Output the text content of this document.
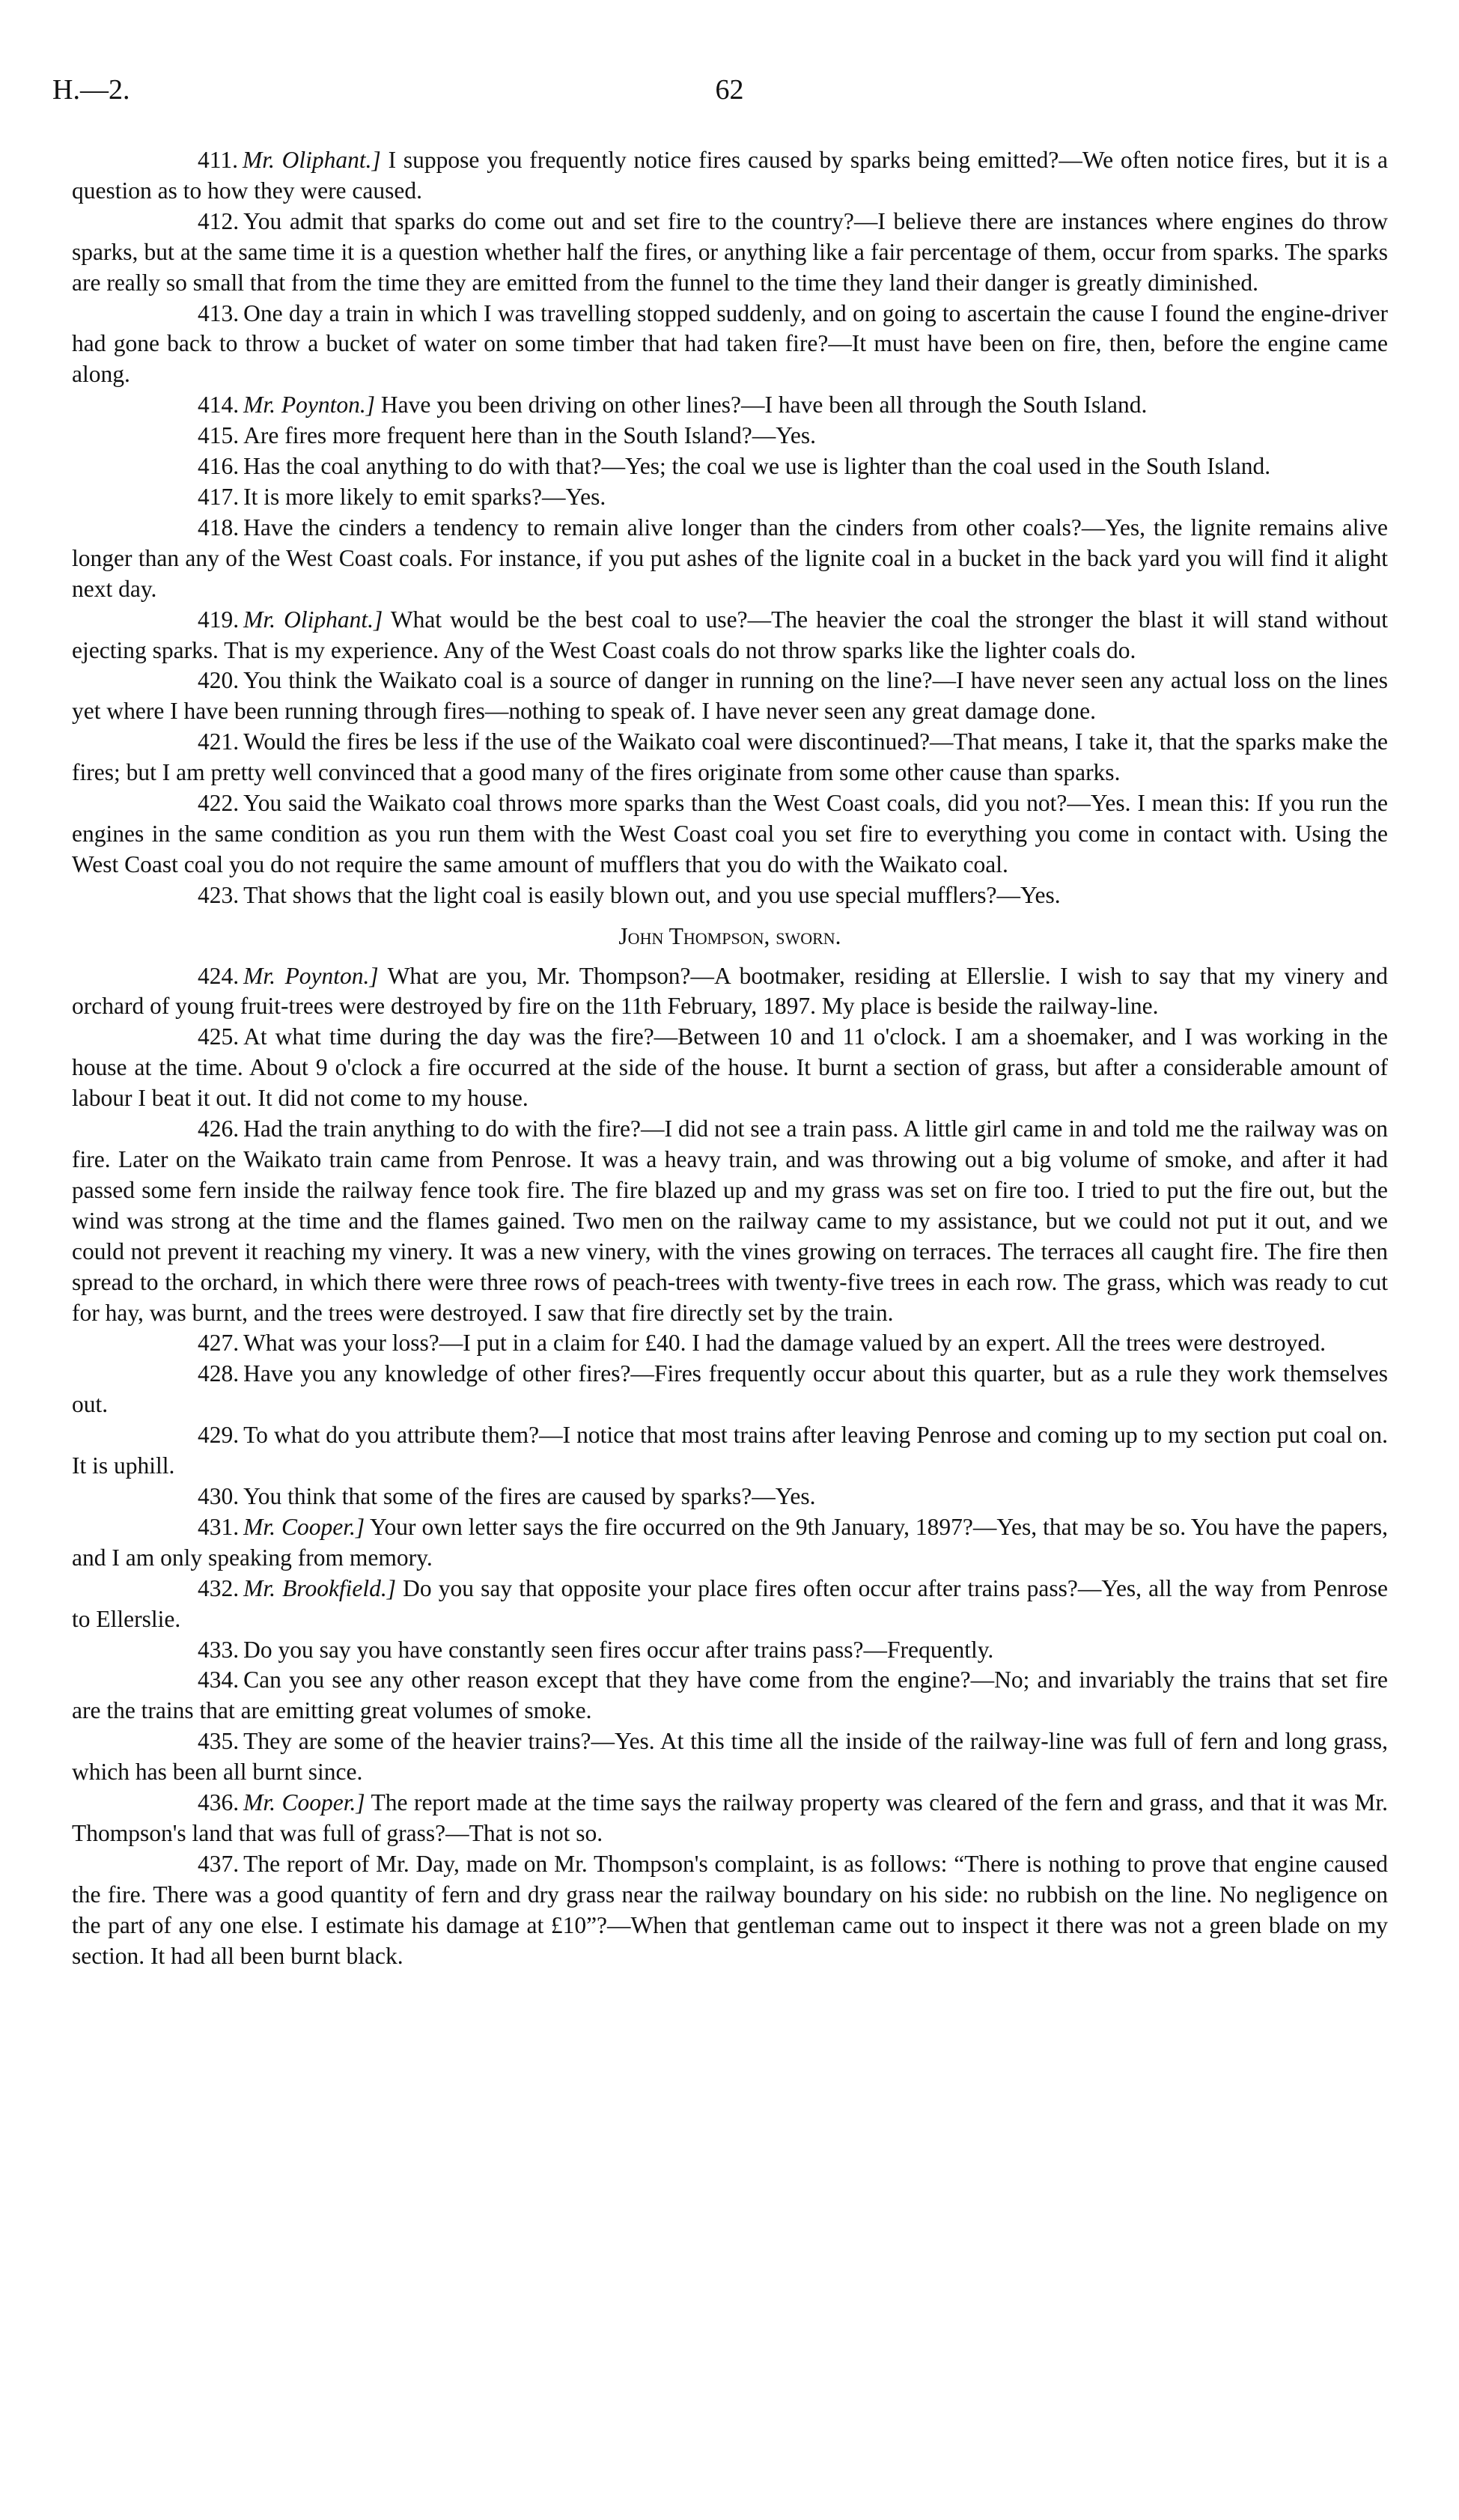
H.—2.	62

411. Mr. Oliphant.] I suppose you frequently notice fires caused by sparks being emitted?—We often notice fires, but it is a question as to how they were caused.

412. You admit that sparks do come out and set fire to the country?—I believe there are instances where engines do throw sparks, but at the same time it is a question whether half the fires, or anything like a fair percentage of them, occur from sparks. The sparks are really so small that from the time they are emitted from the funnel to the time they land their danger is greatly diminished.

413. One day a train in which I was travelling stopped suddenly, and on going to ascertain the cause I found the engine-driver had gone back to throw a bucket of water on some timber that had taken fire?—It must have been on fire, then, before the engine came along.

414. Mr. Poynton.] Have you been driving on other lines?—I have been all through the South Island.

415. Are fires more frequent here than in the South Island?—Yes.

416. Has the coal anything to do with that?—Yes; the coal we use is lighter than the coal used in the South Island.

417. It is more likely to emit sparks?—Yes.

418. Have the cinders a tendency to remain alive longer than the cinders from other coals?—Yes, the lignite remains alive longer than any of the West Coast coals. For instance, if you put ashes of the lignite coal in a bucket in the back yard you will find it alight next day.

419. Mr. Oliphant.] What would be the best coal to use?—The heavier the coal the stronger the blast it will stand without ejecting sparks. That is my experience. Any of the West Coast coals do not throw sparks like the lighter coals do.

420. You think the Waikato coal is a source of danger in running on the line?—I have never seen any actual loss on the lines yet where I have been running through fires—nothing to speak of. I have never seen any great damage done.

421. Would the fires be less if the use of the Waikato coal were discontinued?—That means, I take it, that the sparks make the fires; but I am pretty well convinced that a good many of the fires originate from some other cause than sparks.

422. You said the Waikato coal throws more sparks than the West Coast coals, did you not?—Yes. I mean this: If you run the engines in the same condition as you run them with the West Coast coal you set fire to everything you come in contact with. Using the West Coast coal you do not require the same amount of mufflers that you do with the Waikato coal.

423. That shows that the light coal is easily blown out, and you use special mufflers?—Yes.

John Thompson, sworn.

424. Mr. Poynton.] What are you, Mr. Thompson?—A bootmaker, residing at Ellerslie. I wish to say that my vinery and orchard of young fruit-trees were destroyed by fire on the 11th February, 1897. My place is beside the railway-line.

425. At what time during the day was the fire?—Between 10 and 11 o'clock. I am a shoemaker, and I was working in the house at the time. About 9 o'clock a fire occurred at the side of the house. It burnt a section of grass, but after a considerable amount of labour I beat it out. It did not come to my house.

426. Had the train anything to do with the fire?—I did not see a train pass. A little girl came in and told me the railway was on fire. Later on the Waikato train came from Penrose. It was a heavy train, and was throwing out a big volume of smoke, and after it had passed some fern inside the railway fence took fire. The fire blazed up and my grass was set on fire too. I tried to put the fire out, but the wind was strong at the time and the flames gained. Two men on the railway came to my assistance, but we could not put it out, and we could not prevent it reaching my vinery. It was a new vinery, with the vines growing on terraces. The terraces all caught fire. The fire then spread to the orchard, in which there were three rows of peach-trees with twenty-five trees in each row. The grass, which was ready to cut for hay, was burnt, and the trees were destroyed. I saw that fire directly set by the train.

427. What was your loss?—I put in a claim for £40. I had the damage valued by an expert. All the trees were destroyed.

428. Have you any knowledge of other fires?—Fires frequently occur about this quarter, but as a rule they work themselves out.

429. To what do you attribute them?—I notice that most trains after leaving Penrose and coming up to my section put coal on. It is uphill.

430. You think that some of the fires are caused by sparks?—Yes.

431. Mr. Cooper.] Your own letter says the fire occurred on the 9th January, 1897?—Yes, that may be so. You have the papers, and I am only speaking from memory.

432. Mr. Brookfield.] Do you say that opposite your place fires often occur after trains pass?—Yes, all the way from Penrose to Ellerslie.

433. Do you say you have constantly seen fires occur after trains pass?—Frequently.

434. Can you see any other reason except that they have come from the engine?—No; and invariably the trains that set fire are the trains that are emitting great volumes of smoke.

435. They are some of the heavier trains?—Yes. At this time all the inside of the railway-line was full of fern and long grass, which has been all burnt since.

436. Mr. Cooper.] The report made at the time says the railway property was cleared of the fern and grass, and that it was Mr. Thompson's land that was full of grass?—That is not so.

437. The report of Mr. Day, made on Mr. Thompson's complaint, is as follows: “There is nothing to prove that engine caused the fire. There was a good quantity of fern and dry grass near the railway boundary on his side: no rubbish on the line. No negligence on the part of any one else. I estimate his damage at £10”?—When that gentleman came out to inspect it there was not a green blade on my section. It had all been burnt black.
